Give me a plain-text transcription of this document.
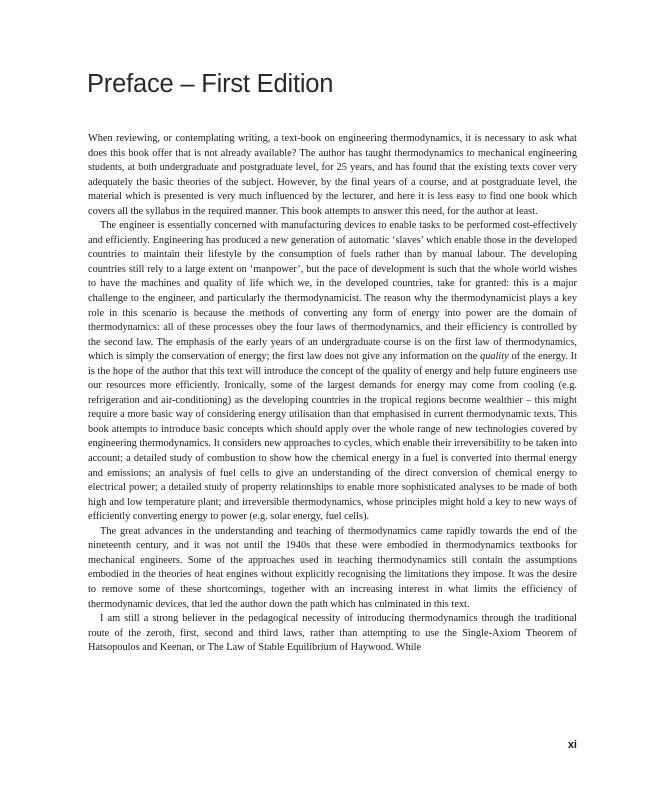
Preface – First Edition

When reviewing, or contemplating writing, a text-book on engineering thermodynamics, it is necessary to ask what does this book offer that is not already available? The author has taught thermodynamics to mechanical engineering students, at both undergraduate and postgraduate level, for 25 years, and has found that the existing texts cover very adequately the basic theories of the subject. However, by the final years of a course, and at postgraduate level, the material which is presented is very much influenced by the lecturer, and here it is less easy to find one book which covers all the syllabus in the required manner. This book attempts to answer this need, for the author at least.

The engineer is essentially concerned with manufacturing devices to enable tasks to be performed cost-effectively and efficiently. Engineering has produced a new generation of automatic ‘slaves’ which enable those in the developed countries to maintain their lifestyle by the consumption of fuels rather than by manual labour. The developing countries still rely to a large extent on ‘manpower’, but the pace of development is such that the whole world wishes to have the machines and quality of life which we, in the developed countries, take for granted: this is a major challenge to the engineer, and particularly the thermodynamicist. The reason why the thermodynamicist plays a key role in this scenario is because the methods of converting any form of energy into power are the domain of thermodynamics: all of these processes obey the four laws of thermodynamics, and their efficiency is controlled by the second law. The emphasis of the early years of an undergraduate course is on the first law of thermodynamics, which is simply the conservation of energy; the first law does not give any information on the quality of the energy. It is the hope of the author that this text will introduce the concept of the quality of energy and help future engineers use our resources more efficiently. Ironically, some of the largest demands for energy may come from cooling (e.g. refrigeration and air-conditioning) as the developing countries in the tropical regions become wealthier – this might require a more basic way of considering energy utilisation than that emphasised in current thermodynamic texts. This book attempts to introduce basic concepts which should apply over the whole range of new technologies covered by engineering thermodynamics. It considers new approaches to cycles, which enable their irreversibility to be taken into account; a detailed study of combustion to show how the chemical energy in a fuel is converted into thermal energy and emissions; an analysis of fuel cells to give an understanding of the direct conversion of chemical energy to electrical power; a detailed study of property relationships to enable more sophisticated analyses to be made of both high and low temperature plant; and irreversible thermodynamics, whose principles might hold a key to new ways of efficiently converting energy to power (e.g. solar energy, fuel cells).

The great advances in the understanding and teaching of thermodynamics came rapidly towards the end of the nineteenth century, and it was not until the 1940s that these were embodied in thermodynamics textbooks for mechanical engineers. Some of the approaches used in teaching thermodynamics still contain the assumptions embodied in the theories of heat engines without explicitly recognising the limitations they impose. It was the desire to remove some of these shortcomings, together with an increasing interest in what limits the efficiency of thermodynamic devices, that led the author down the path which has culminated in this text.

I am still a strong believer in the pedagogical necessity of introducing thermodynamics through the traditional route of the zeroth, first, second and third laws, rather than attempting to use the Single-Axiom Theorem of Hatsopoulos and Keenan, or The Law of Stable Equilibrium of Haywood. While

xi
